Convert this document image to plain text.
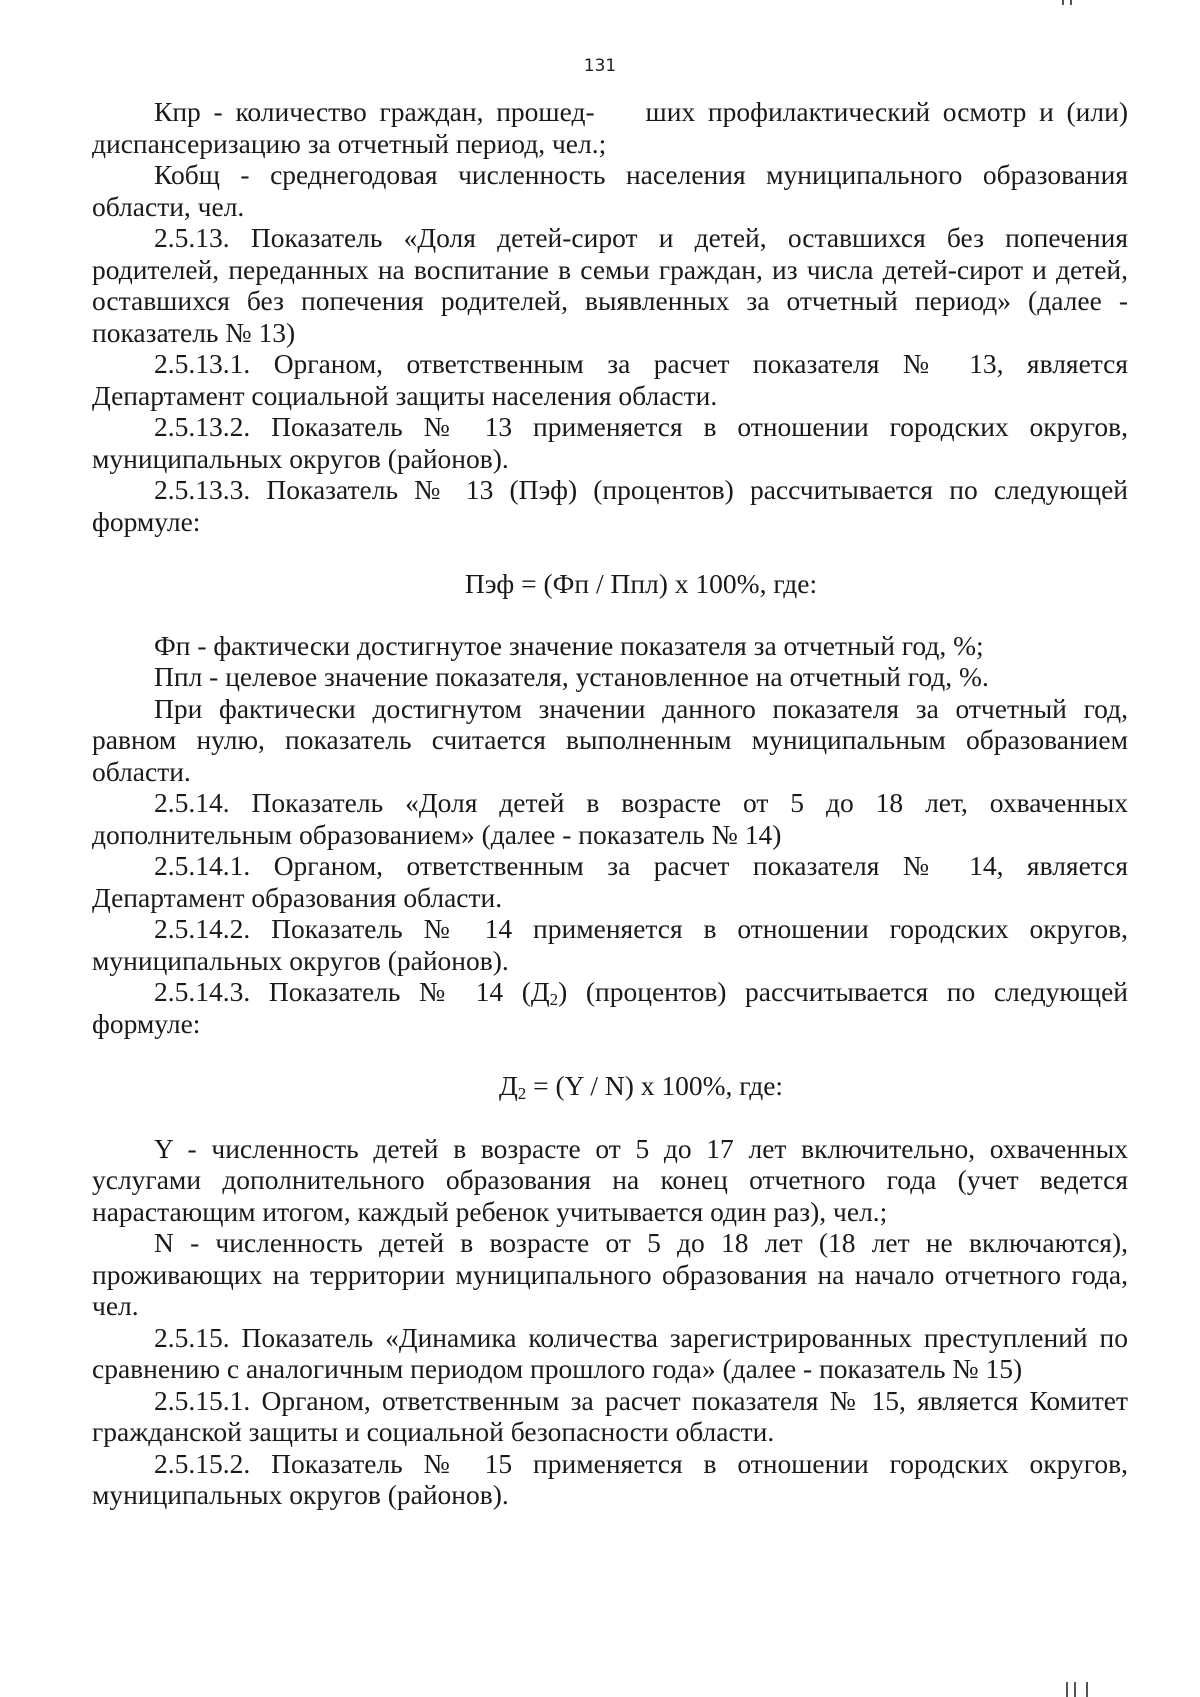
131

Кпр - количество граждан, прошед-    ших профилактический осмотр и (или) диспансеризацию за отчетный период, чел.;

Кобщ - среднегодовая численность населения муниципального образования области, чел.

2.5.13. Показатель «Доля детей-сирот и детей, оставшихся без попечения родителей, переданных на воспитание в семьи граждан, из числа детей-сирот и детей, оставшихся без попечения родителей, выявленных за отчетный период» (далее - показатель № 13)

2.5.13.1. Органом, ответственным за расчет показателя № 13, является Департамент социальной защиты населения области.

2.5.13.2. Показатель № 13 применяется в отношении городских округов, муниципальных округов (районов).

2.5.13.3. Показатель № 13 (Пэф) (процентов) рассчитывается по следующей формуле:

Пэф = (Фп / Ппл) х 100%, где:

Фп - фактически достигнутое значение показателя за отчетный год, %;

Ппл - целевое значение показателя, установленное на отчетный год, %.

При фактически достигнутом значении данного показателя за отчетный год, равном нулю, показатель считается выполненным муниципальным образованием области.

2.5.14. Показатель «Доля детей в возрасте от 5 до 18 лет, охваченных дополнительным образованием» (далее - показатель № 14)

2.5.14.1. Органом, ответственным за расчет показателя № 14, является Департамент образования области.

2.5.14.2. Показатель № 14 применяется в отношении городских округов, муниципальных округов (районов).

2.5.14.3. Показатель № 14 $(Д_2)$ (процентов) рассчитывается по следующей формуле:

$Д_2 = (Y / N)$ х 100%, где:

Y - численность детей в возрасте от 5 до 17 лет включительно, охваченных услугами дополнительного образования на конец отчетного года (учет ведется нарастающим итогом, каждый ребенок учитывается один раз), чел.;

N - численность детей в возрасте от 5 до 18 лет (18 лет не включаются), проживающих на территории муниципального образования на начало отчетного года, чел.

2.5.15. Показатель «Динамика количества зарегистрированных преступлений по сравнению с аналогичным периодом прошлого года» (далее - показатель № 15)

2.5.15.1. Органом, ответственным за расчет показателя № 15, является Комитет гражданской защиты и социальной безопасности области.

2.5.15.2. Показатель № 15 применяется в отношении городских округов, муниципальных округов (районов).
